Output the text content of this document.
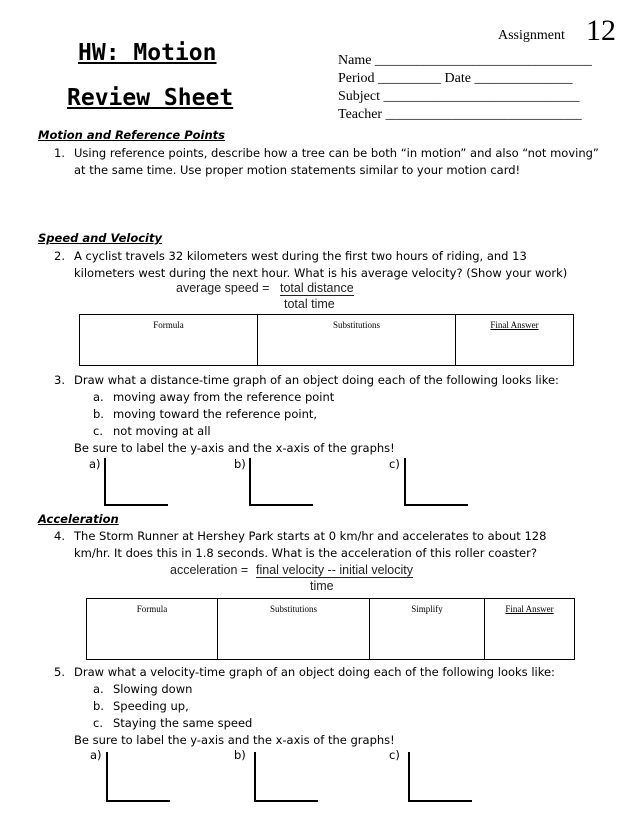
HW: Motion
Review Sheet
Assignment 12
Name _______________________________
Period _________ Date ______________
Subject ____________________________
Teacher ____________________________
Motion and Reference Points
1. Using reference points, describe how a tree can be both “in motion” and also “not moving”
at the same time. Use proper motion statements similar to your motion card!
Speed and Velocity
2. A cyclist travels 32 kilometers west during the first two hours of riding, and 13
kilometers west during the next hour. What is his average velocity? (Show your work)
average speed = total distance
total time
Formula	Substitutions	Final Answer
3. Draw what a distance-time graph of an object doing each of the following looks like:
a. moving away from the reference point
b. moving toward the reference point,
c. not moving at all
Be sure to label the y-axis and the x-axis of the graphs!
a)	b)	c)
Acceleration
4. The Storm Runner at Hershey Park starts at 0 km/hr and accelerates to about 128
km/hr. It does this in 1.8 seconds. What is the acceleration of this roller coaster?
acceleration = final velocity -- initial velocity
time
Formula	Substitutions	Simplify	Final Answer
5. Draw what a velocity-time graph of an object doing each of the following looks like:
a. Slowing down
b. Speeding up,
c. Staying the same speed
Be sure to label the y-axis and the x-axis of the graphs!
a)	b)	c)
